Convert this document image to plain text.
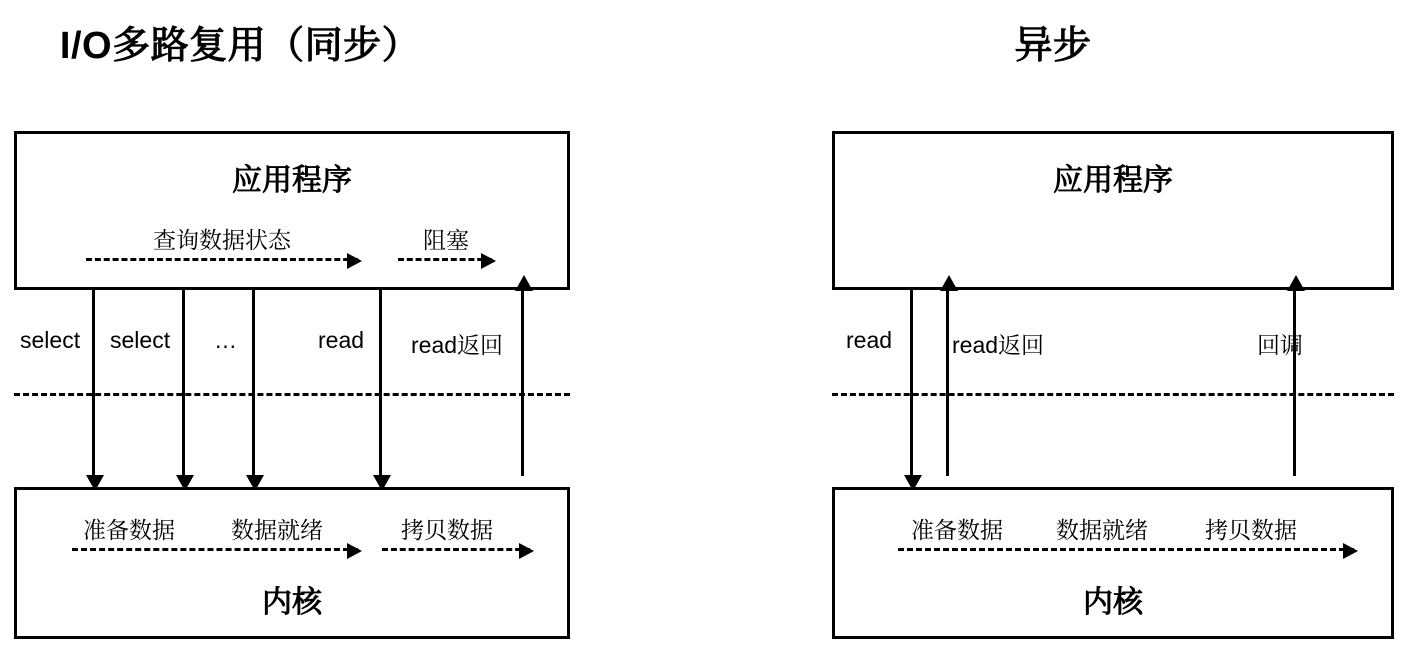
I/O多路复用（同步）
应用程序
查询数据状态	阻塞
select select …	read read返回
内核
准备数据 数据就绪	拷贝数据
异步
应用程序
read	read返回	回调
内核
准备数据 数据就绪 拷贝数据
